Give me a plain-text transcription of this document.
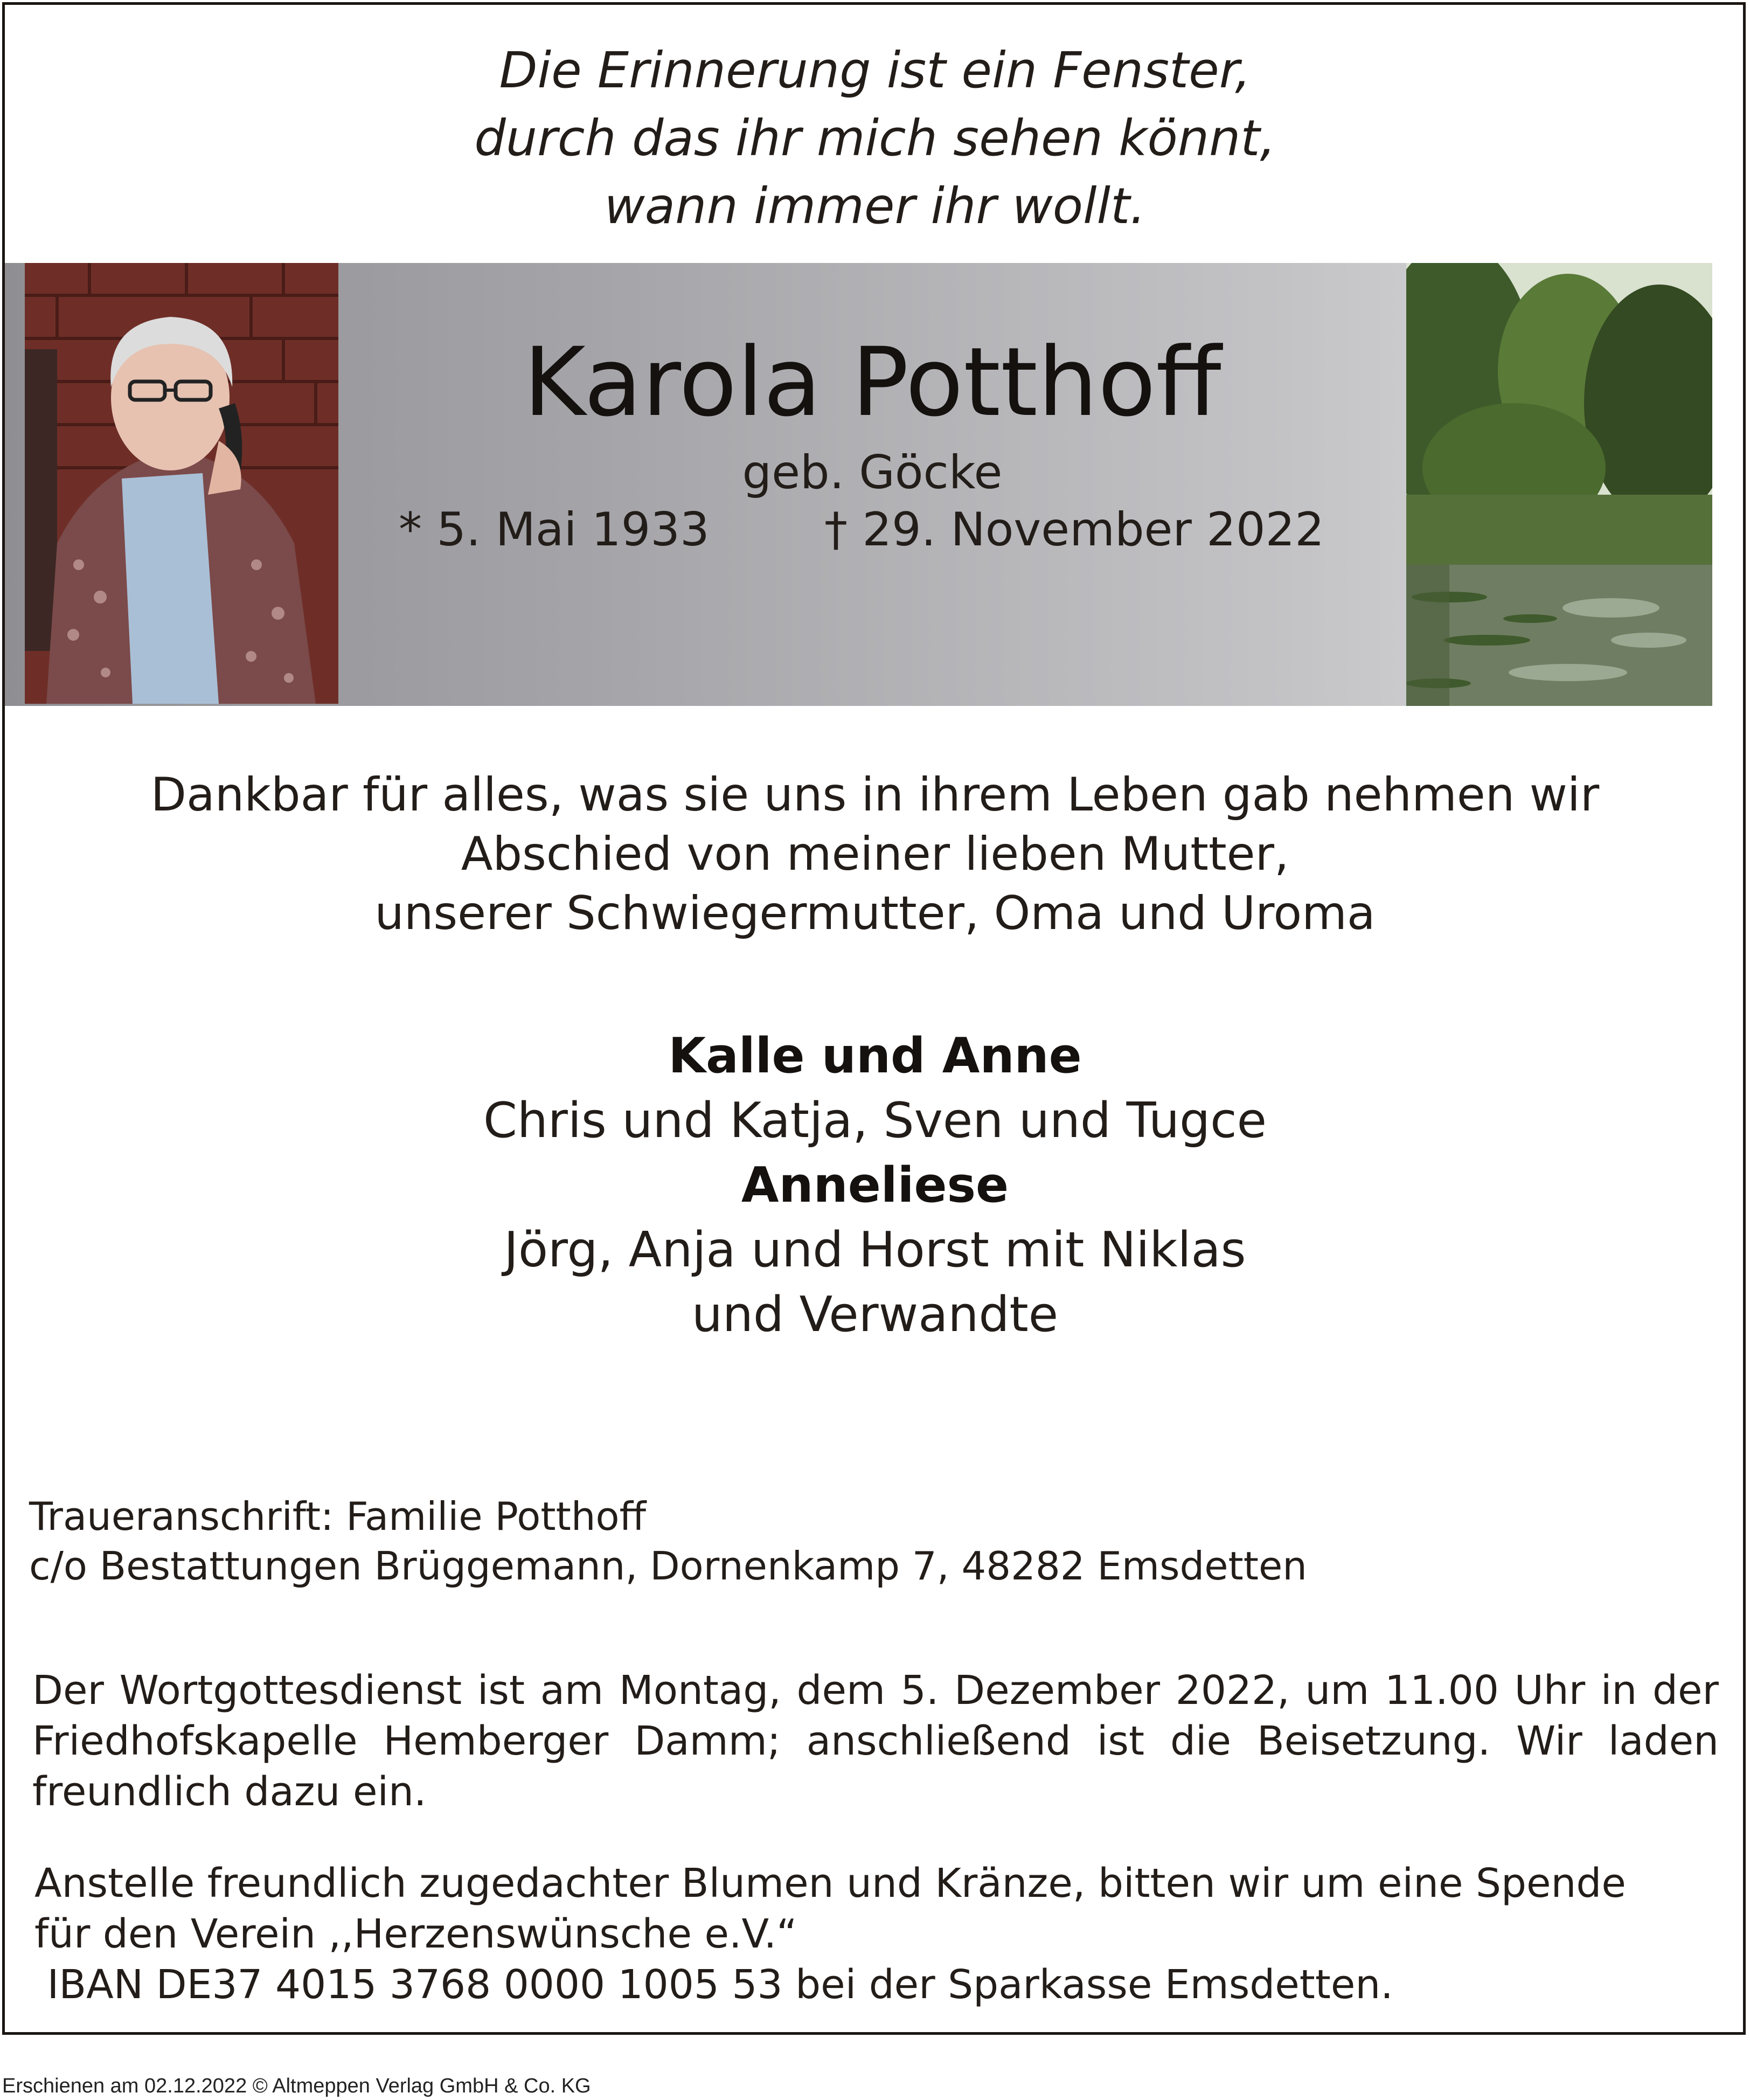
Die Erinnerung ist ein Fenster,
durch das ihr mich sehen könnt,
wann immer ihr wollt.
Karola Potthoff
geb. Göcke
* 5. Mai 1933 † 29. November 2022
Dankbar für alles, was sie uns in ihrem Leben gab nehmen wir
Abschied von meiner lieben Mutter,
unserer Schwiegermutter, Oma und Uroma
Kalle und Anne
Chris und Katja, Sven und Tugce
Anneliese
Jörg, Anja und Horst mit Niklas
und Verwandte
Traueranschrift: Familie Potthoff
c/o Bestattungen Brüggemann, Dornenkamp 7, 48282 Emsdetten
Der Wortgottesdienst ist am Montag, dem 5. Dezember 2022, um 11.00 Uhr in der Friedhofskapelle Hemberger Damm; anschließend ist die Beisetzung. Wir laden freundlich dazu ein.
Anstelle freundlich zugedachter Blumen und Kränze, bitten wir um eine Spende
für den Verein ,,Herzenswünsche e.V.“
IBAN DE37 4015 3768 0000 1005 53 bei der Sparkasse Emsdetten.
Erschienen am 02.12.2022 © Altmeppen Verlag GmbH & Co. KG
